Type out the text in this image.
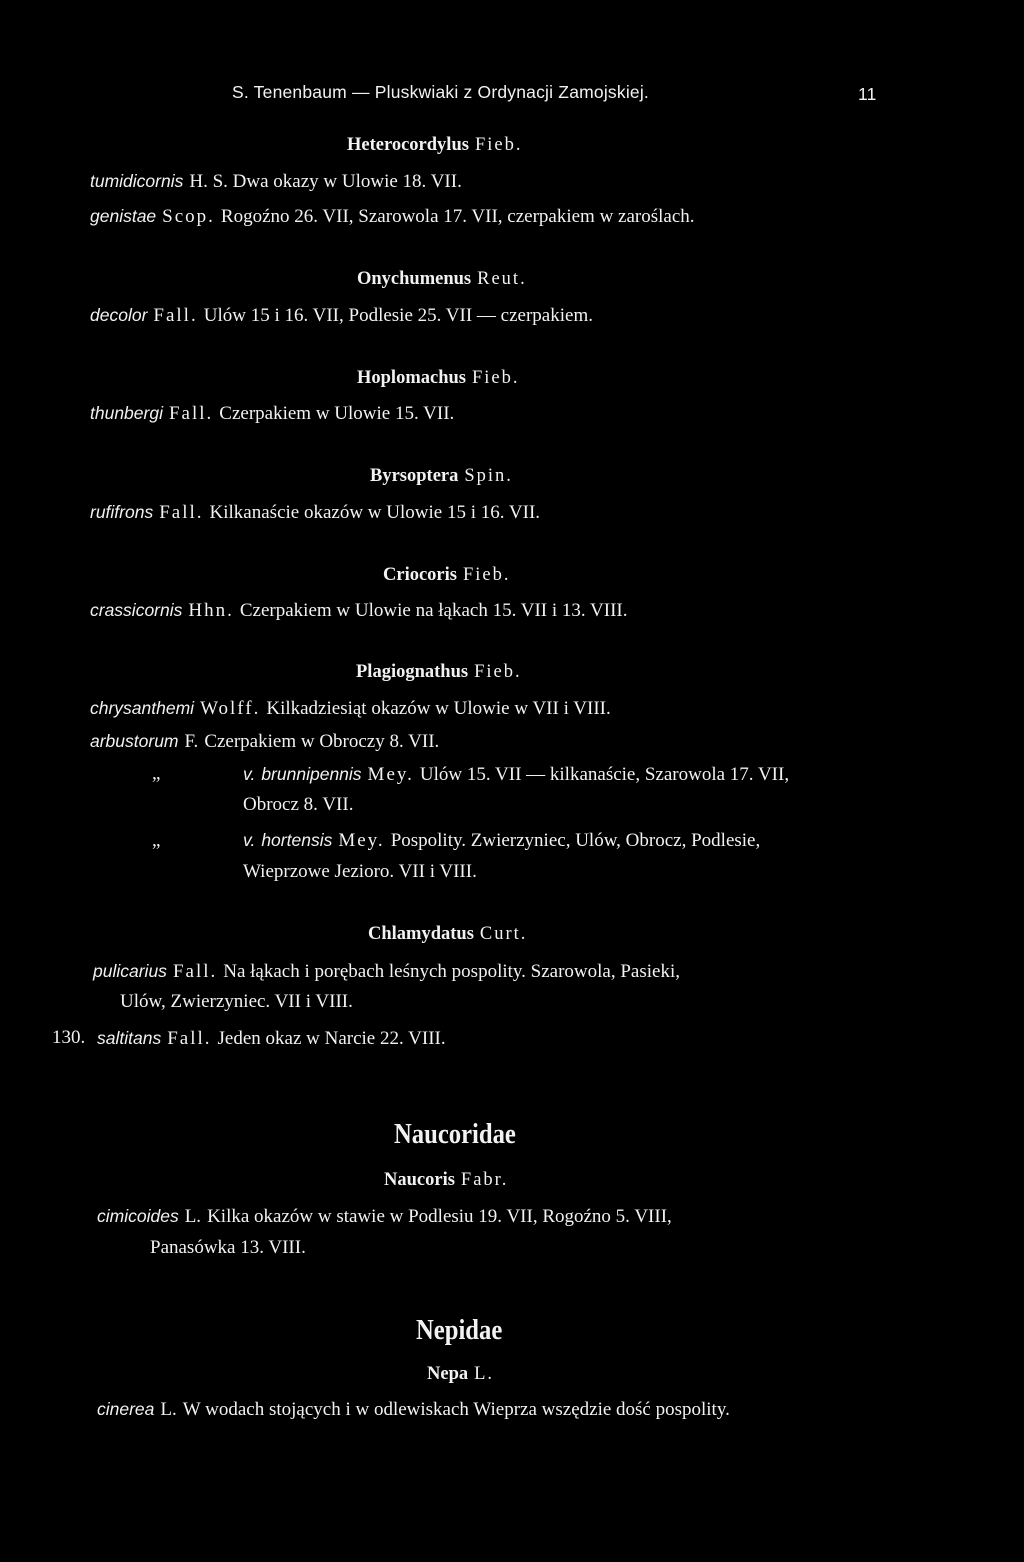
S. Tenenbaum — Pluskwiaki z Ordynacji Zamojskiej.	11
Heterocordylus Fieb.
tumidicornis H. S. Dwa okazy w Ulowie 18. VII.
genistae Scop. Rogoźno 26. VII, Szarowola 17. VII, czerpakiem w zaroślach.
Onychumenus Reut.
decolor Fall. Ulów 15 i 16. VII, Podlesie 25. VII — czerpakiem.
Hoplomachus Fieb.
thunbergi Fall. Czerpakiem w Ulowie 15. VII.
Byrsoptera Spin.
rufifrons Fall. Kilkanaście okazów w Ulowie 15 i 16. VII.
Criocoris Fieb.
crassicornis Hhn. Czerpakiem w Ulowie na łąkach 15. VII i 13. VIII.
Plagiognathus Fieb.
chrysanthemi Wolff. Kilkadziesiąt okazów w Ulowie w VII i VIII.
arbustorum F. Czerpakiem w Obroczy 8. VII.
„	v. brunnipennis Mey. Ulów 15. VII — kilkanaście, Szarowola 17. VII,
Obrocz 8. VII.
„	v. hortensis Mey. Pospolity. Zwierzyniec, Ulów, Obrocz, Podlesie,
Wieprzowe Jezioro. VII i VIII.
Chlamydatus Curt.
pulicarius Fall. Na łąkach i porębach leśnych pospolity. Szarowola, Pasieki,
Ulów, Zwierzyniec. VII i VIII.
130. saltitans Fall. Jeden okaz w Narcie 22. VIII.
Naucoridae
Naucoris Fabr.
cimicoides L. Kilka okazów w stawie w Podlesiu 19. VII, Rogoźno 5. VIII,
Panasówka 13. VIII.
Nepidae
Nepa L.
cinerea L. W wodach stojących i w odlewiskach Wieprza wszędzie dość pospolity.
